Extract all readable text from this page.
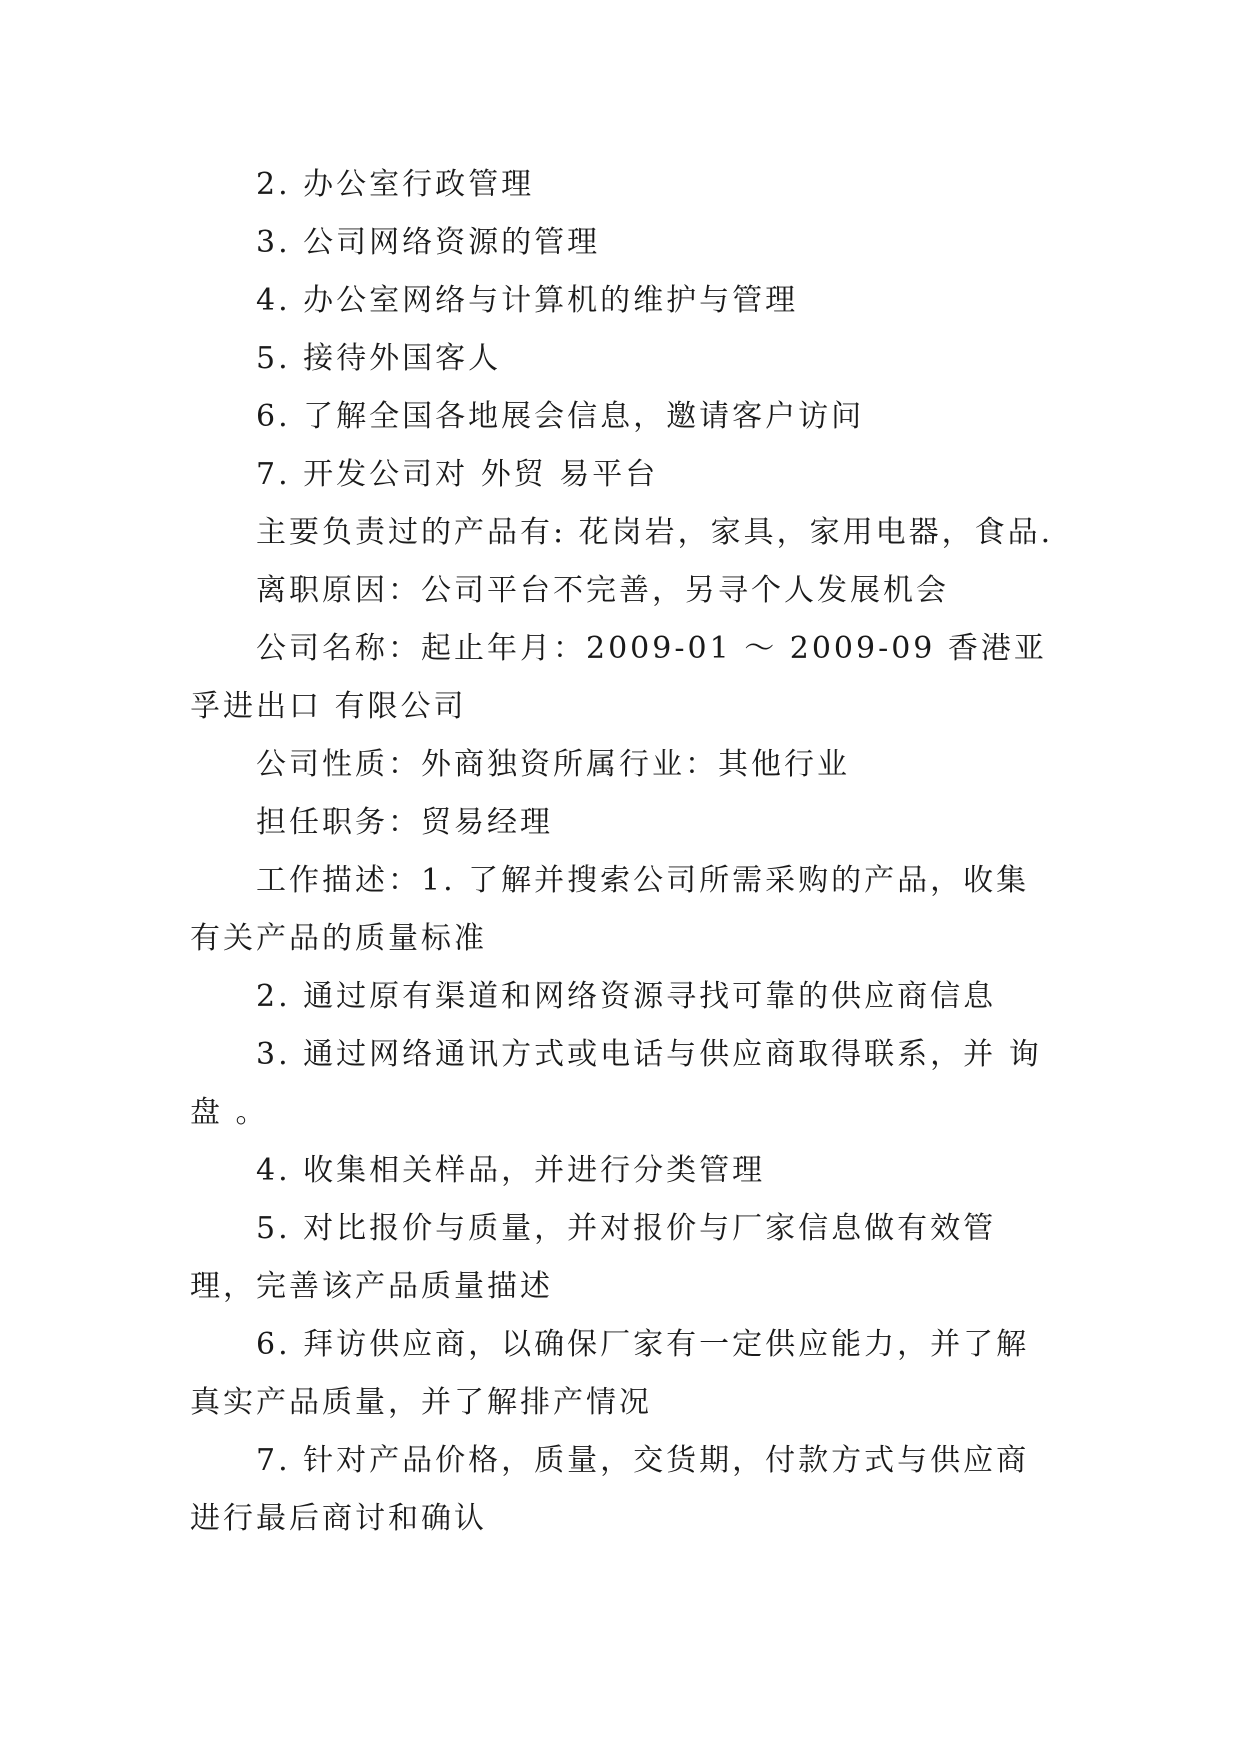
2. 办公室行政管理

3. 公司网络资源的管理

4. 办公室网络与计算机的维护与管理

5. 接待外国客人

6. 了解全国各地展会信息，邀请客户访问

7. 开发公司对 外贸 易平台

主要负责过的产品有: 花岗岩，家具，家用电器，食品.

离职原因：公司平台不完善，另寻个人发展机会

公司名称：起止年月：2009-01 ～ 2009-09 香港亚孚进出口 有限公司

公司性质：外商独资所属行业：其他行业

担任职务：贸易经理

工作描述：1. 了解并搜索公司所需采购的产品，收集有关产品的质量标准

2. 通过原有渠道和网络资源寻找可靠的供应商信息

3. 通过网络通讯方式或电话与供应商取得联系，并 询盘 。

4. 收集相关样品，并进行分类管理

5. 对比报价与质量，并对报价与厂家信息做有效管理，完善该产品质量描述

6. 拜访供应商，以确保厂家有一定供应能力，并了解真实产品质量，并了解排产情况

7. 针对产品价格，质量，交货期，付款方式与供应商进行最后商讨和确认
